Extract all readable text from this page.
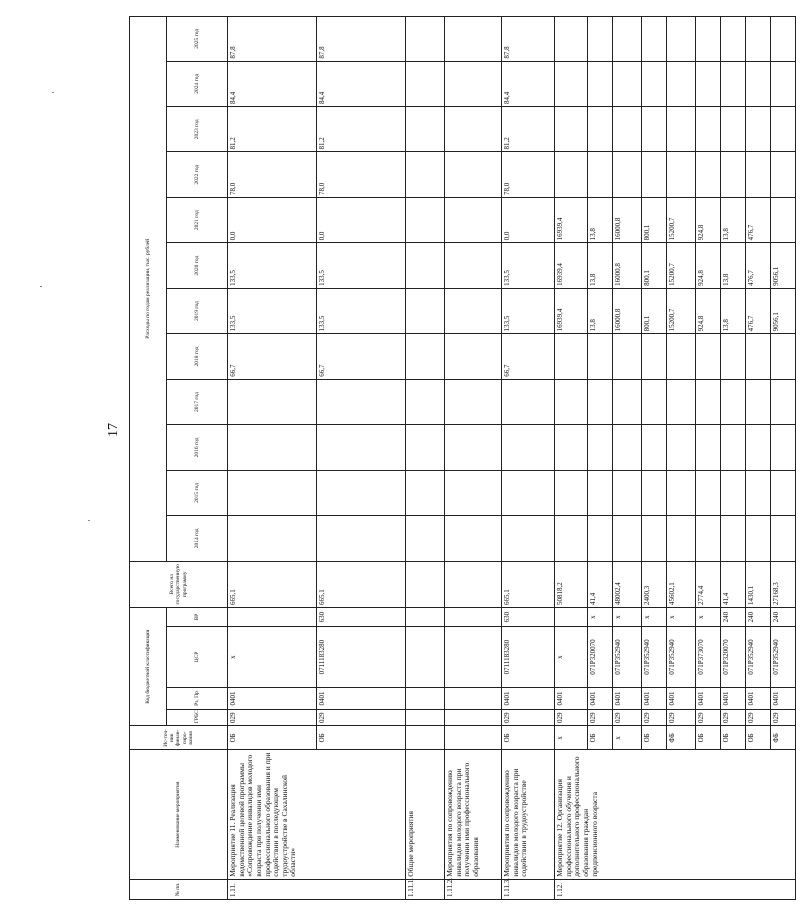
17
№ пп.	Наименование мероприятия	Ис-точ-ник финан-сиро-вания	Код бюджетной классификации				Всего на государственную программу	Расходы по годам реализации, тыс. рублей											
			ГРБС	Рз, Пр	ЦСР	ВР		2014 год	2015 год	2016 год	2017 год	2018 год	2019 год	2020 год	2021 год	2022 год	2023 год	2024 год	2025 год
1.11.	Мероприятие 11. Реализация ведомственной целевой программы «Сопровождение инвалидов молодого возраста при получении ими профессионального образования и при содействии в последующем трудоустройстве в Сахалинской области»	ОБ	029	0401	x		665,1					66,7	133,5	133,5	0,0	78,0	81,2	84,4	87,8
		ОБ	029	0401	0711183280	630	665,1					66,7	133,5	133,5	0,0	78,0	81,2	84,4	87,8
1.11.1.	Общие мероприятия																		
1.11.2.	Мероприятия по сопровождению инвалидов молодого возраста при получении ими профессионального образования																		
1.11.3.	Мероприятия по сопровождению инвалидов молодого возраста при содействии в трудоустройстве	ОБ	029	0401	0711183280	630	665,1					66,7	133,5	133,5	0,0	78,0	81,2	84,4	87,8
1.12.	Мероприятие 12. Организация профессионального обучения и дополнительного профессионального образования граждан предпенсионного возраста	x	029	0401	x		50818,2						16939,4	16939,4	16939,4				
		ОБ	029	0401	071P320070	x	41,4						13,8	13,8	13,8				
		x	029	0401	071P352940	x	48002,4						16000,8	16000,8	16000,8				
		ОБ	029	0401	071P352940	x	2400,3						800,1	800,1	800,1				
		ФБ	029	0401	071P352940	x	45602,1						15200,7	15200,7	15200,7				
		ОБ	029	0401	071P373070	x	2774,4						924,8	924,8	924,8				
		ОБ	029	0401	071P320070	240	41,4						13,8	13,8	13,8				
		ОБ	029	0401	071P352940	240	1430,1						476,7	476,7	476,7				
		ФБ	029	0401	071P352940	240	27168,3						9056,1	9056,1					
